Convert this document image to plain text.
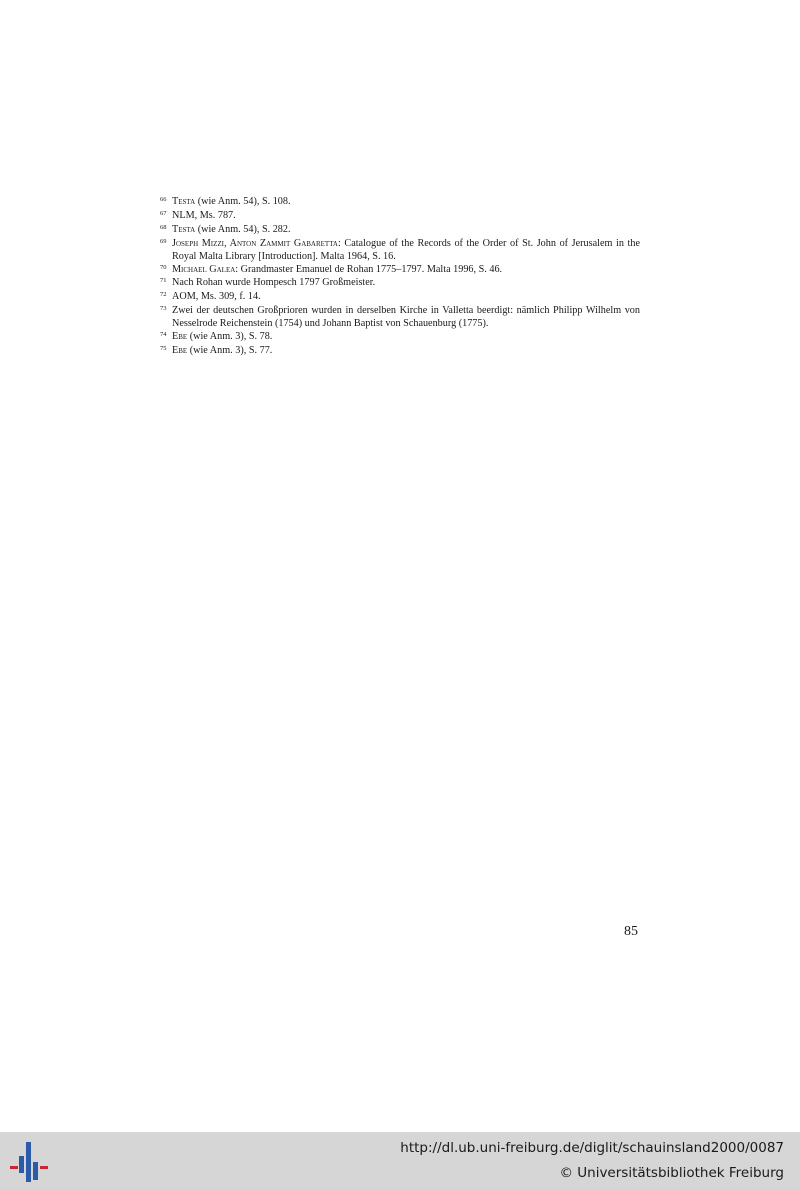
66 Testa (wie Anm. 54), S. 108.
67 NLM, Ms. 787.
68 Testa (wie Anm. 54), S. 282.
69 Joseph Mizzi, Anton Zammit Gabaretta: Catalogue of the Records of the Order of St. John of Jerusalem in the Royal Malta Library [Introduction]. Malta 1964, S. 16.
70 Michael Galea: Grandmaster Emanuel de Rohan 1775–1797. Malta 1996, S. 46.
71 Nach Rohan wurde Hompesch 1797 Großmeister.
72 AOM, Ms. 309, f. 14.
73 Zwei der deutschen Großprioren wurden in derselben Kirche in Valletta beerdigt: nämlich Philipp Wilhelm von Nesselrode Reichenstein (1754) und Johann Baptist von Schauenburg (1775).
74 Ebe (wie Anm. 3), S. 78.
75 Ebe (wie Anm. 3), S. 77.
85
http://dl.ub.uni-freiburg.de/diglit/schauinsland2000/0087
© Universitätsbibliothek Freiburg
